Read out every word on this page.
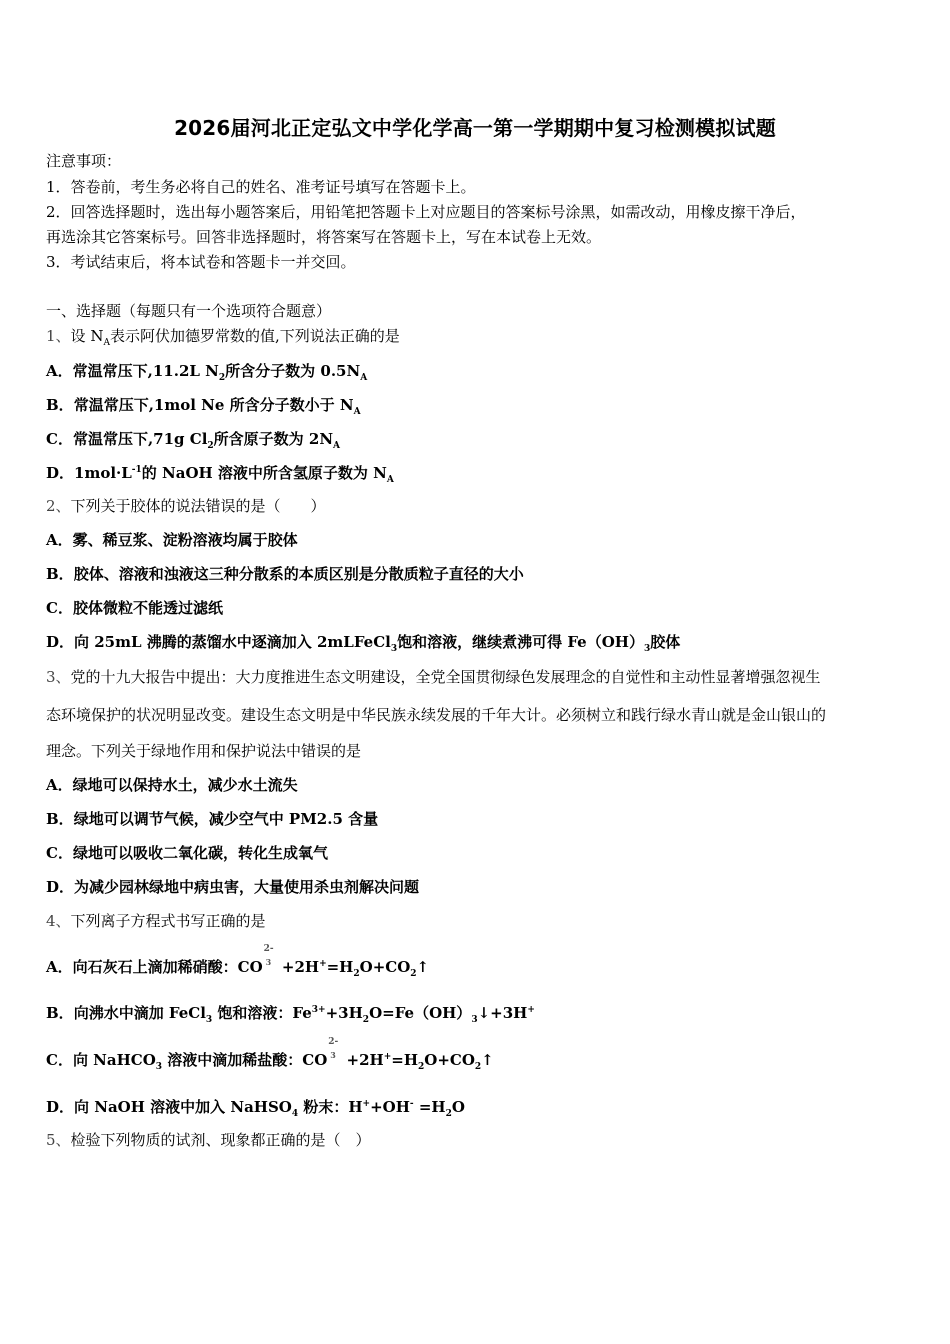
2026届河北正定弘文中学化学高一第一学期期中复习检测模拟试题
注意事项：
1．答卷前，考生务必将自己的姓名、准考证号填写在答题卡上。
2．回答选择题时，选出每小题答案后，用铅笔把答题卡上对应题目的答案标号涂黑，如需改动，用橡皮擦干净后，
再选涂其它答案标号。回答非选择题时，将答案写在答题卡上，写在本试卷上无效。
3．考试结束后，将本试卷和答题卡一并交回。
一、选择题（每题只有一个选项符合题意）
1、设 $N_A$表示阿伏加德罗常数的值,下列说法正确的是
A．常温常压下,11.2L $N_2$所含分子数为 $0.5N_A$
B．常温常压下,1mol Ne 所含分子数小于 $N_A$
C．常温常压下,71g $Cl_2$所含原子数为 $2N_A$
D．$1mol\cdot L^{-1}$的 NaOH 溶液中所含氢原子数为 $N_A$
2、下列关于胶体的说法错误的是（　　）
A．雾、稀豆浆、淀粉溶液均属于胶体
B．胶体、溶液和浊液这三种分散系的本质区别是分散质粒子直径的大小
C．胶体微粒不能透过滤纸
D．向 25mL 沸腾的蒸馏水中逐滴加入 2mLFeCl$_3$饱和溶液，继续煮沸可得 $Fe(OH)_3$胶体
3、党的十九大报告中提出：大力度推进生态文明建设，全党全国贯彻绿色发展理念的自觉性和主动性显著增强忽视生
态环境保护的状况明显改变。建设生态文明是中华民族永续发展的千年大计。必须树立和践行绿水青山就是金山银山的
理念。下列关于绿地作用和保护说法中错误的是
A．绿地可以保持水土，减少水土流失
B．绿地可以调节气候，减少空气中 PM2.5 含量
C．绿地可以吸收二氧化碳，转化生成氧气
D．为减少园林绿地中病虫害，大量使用杀虫剂解决问题
4、下列离子方程式书写正确的是
A．向石灰石上滴加稀硝酸：CO
2-
$3 +2H^+=H_2O+CO_2↑$
B．向沸水中滴加 FeCl$_3$ 饱和溶液：$Fe^{3+}+3H_2O=Fe(OH)_3↓+3H^+$
C．向 NaHCO$_3$ 溶液中滴加稀盐酸：CO
2-
$3 +2H^+=H_2O+CO_2↑$
D．向 NaOH 溶液中加入 NaHSO$_4$ 粉末：$H^++OH^- =H_2O$
5、检验下列物质的试剂、现象都正确的是（　）
